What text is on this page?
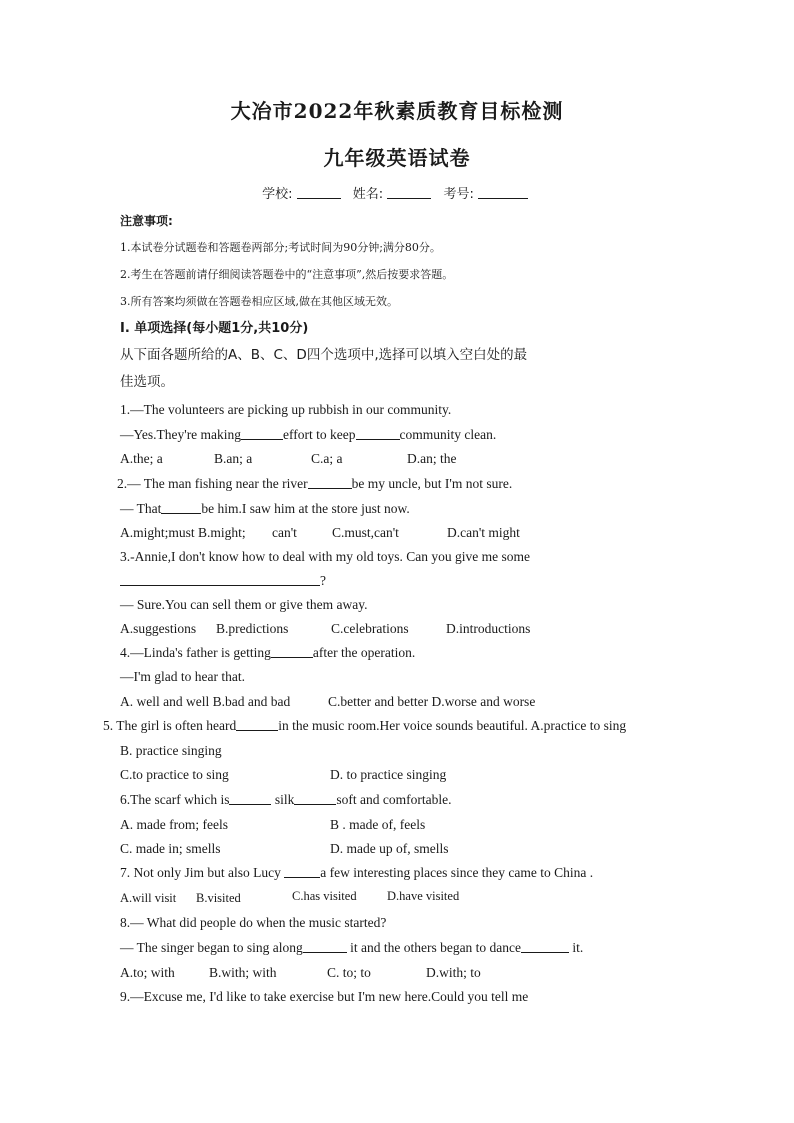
大冶市2022年秋素质教育目标检测
九年级英语试卷
学校:	姓名:	考号:
注意事项:
1.本试卷分试题卷和答题卷两部分;考试时间为90分钟;满分80分。
2.考生在答题前请仔细阅读答题卷中的“注意事项”,然后按要求答题。
3.所有答案均须做在答题卷相应区域,做在其他区域无效。
I. 单项选择(每小题1分,共10分)
从下面各题所给的A、B、C、D四个选项中,选择可以填入空白处的最
佳选项。
1.—The volunteers are picking up rubbish in our community.
—Yes.They're making	effort to keep	community clean.
A.the; a	B.an; a	C.a; a	D.an; the
2.— The man fishing near the river	be my uncle, but I'm not sure.
— That	be him.I saw him at the store just now.
A.might;must B.might; can't	C.must,can't	D.can't might
3.-Annie,I don't know how to deal with my old toys. Can you give me some
?
— Sure.You can sell them or give them away.
A.suggestions B.predictions	C.celebrations	D.introductions
4.—Linda's father is getting	after the operation.
—I'm glad to hear that.
A. well and well B.bad and bad	C.better and better D.worse and worse
5. The girl is often heard	in the music room.Her voice sounds beautiful. A.practice to sing
B. practice singing
C.to practice to sing	D. to practice singing
6.The scarf which is	silk	soft and comfortable.
A. made from; feels	B . made of, feels
C. made in; smells	D. made up of, smells
7. Not only Jim but also Lucy	a few interesting places since they came to China .
A.will visit B.visited	C.has visited D.have visited
8.— What did people do when the music started?
— The singer began to sing along	it and the others began to dance	it.
A.to; with	B.with; with	C. to; to	D.with; to
9.—Excuse me, I'd like to take exercise but I'm new here.Could you tell me
